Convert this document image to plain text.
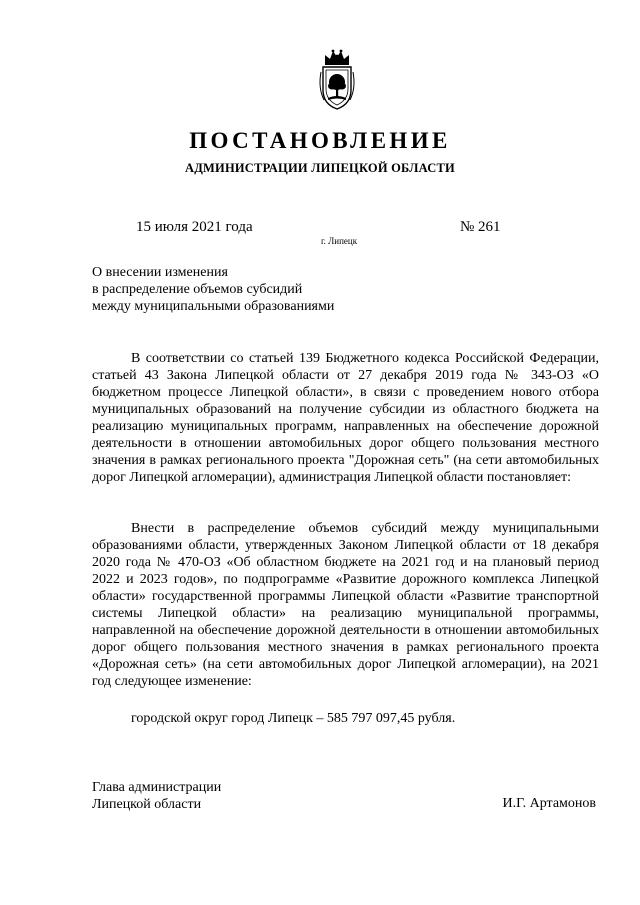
ПОСТАНОВЛЕНИЕ
АДМИНИСТРАЦИИ ЛИПЕЦКОЙ ОБЛАСТИ
15 июля 2021 года
г. Липецк
№ 261
О внесении изменения
в распределение объемов субсидий
между муниципальными образованиями

В соответствии со статьей 139 Бюджетного кодекса Российской Федерации, статьей 43 Закона Липецкой области от 27 декабря 2019 года № 343-ОЗ «О бюджетном процессе Липецкой области», в связи с проведением нового отбора муниципальных образований на получение субсидии из областного бюджета на реализацию муниципальных программ, направленных на обеспечение дорожной деятельности в отношении автомобильных дорог общего пользования местного значения в рамках регионального проекта "Дорожная сеть" (на сети автомобильных дорог Липецкой агломерации), администрация Липецкой области постановляет:

Внести в распределение объемов субсидий между муниципальными образованиями области, утвержденных Законом Липецкой области от 18 декабря 2020 года № 470-ОЗ «Об областном бюджете на 2021 год и на плановый период 2022 и 2023 годов», по подпрограмме «Развитие дорожного комплекса Липецкой области» государственной программы Липецкой области «Развитие транспортной системы Липецкой области» на реализацию муниципальной программы, направленной на обеспечение дорожной деятельности в отношении автомобильных дорог общего пользования местного значения в рамках регионального проекта «Дорожная сеть» (на сети автомобильных дорог Липецкой агломерации), на 2021 год следующее изменение:

городской округ город Липецк – 585 797 097,45 рубля.
Глава администрации
Липецкой области	И.Г. Артамонов
